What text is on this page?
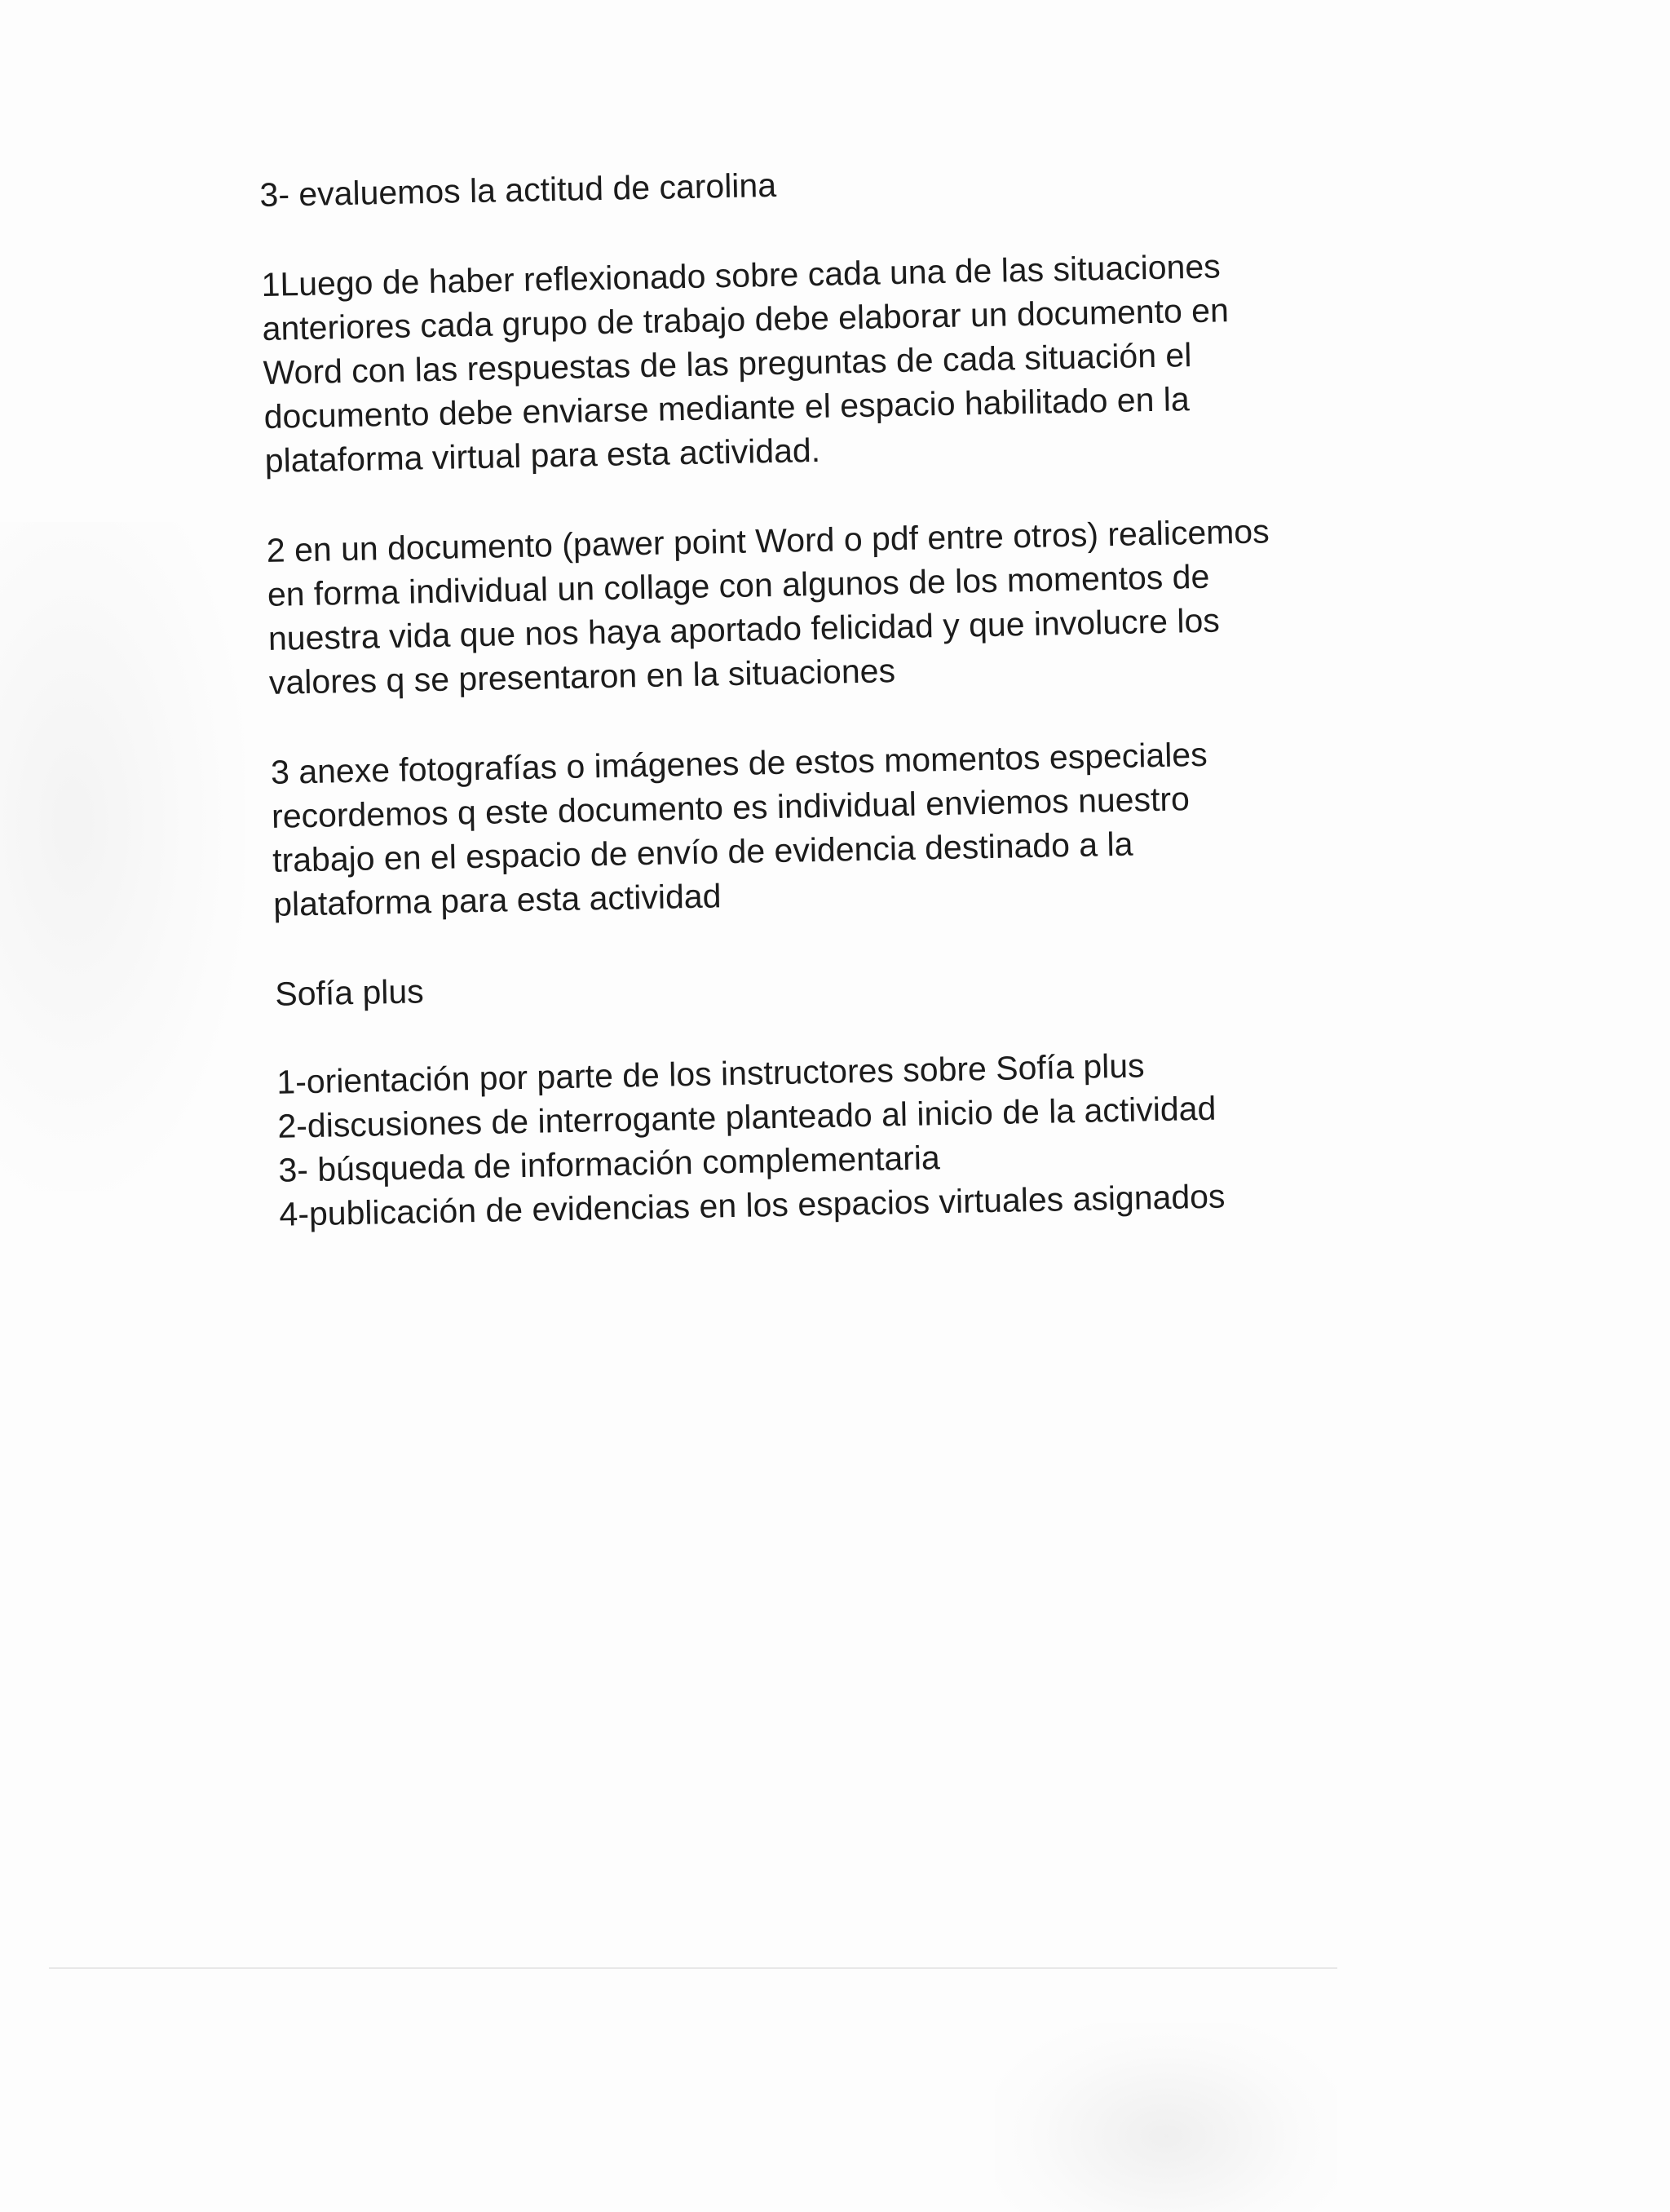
3- evaluemos la actitud de carolina

1Luego de haber reflexionado sobre cada una de las situaciones
anteriores cada grupo de trabajo debe elaborar un documento en
Word con las respuestas de las preguntas de cada situación el
documento debe enviarse mediante el espacio habilitado en la
plataforma virtual para esta actividad.

2 en un documento (pawer point Word o pdf entre otros) realicemos
en forma individual un collage con algunos de los momentos de
nuestra vida que nos haya aportado felicidad y que involucre los
valores q se presentaron en la situaciones

3 anexe fotografías o imágenes de estos momentos especiales
recordemos q este documento es individual enviemos nuestro
trabajo en el espacio de envío de evidencia destinado a la
plataforma para esta actividad

Sofía plus

1-orientación por parte de los instructores sobre Sofía plus
2-discusiones de interrogante planteado al inicio de la actividad
3- búsqueda de información complementaria
4-publicación de evidencias en los espacios virtuales asignados
